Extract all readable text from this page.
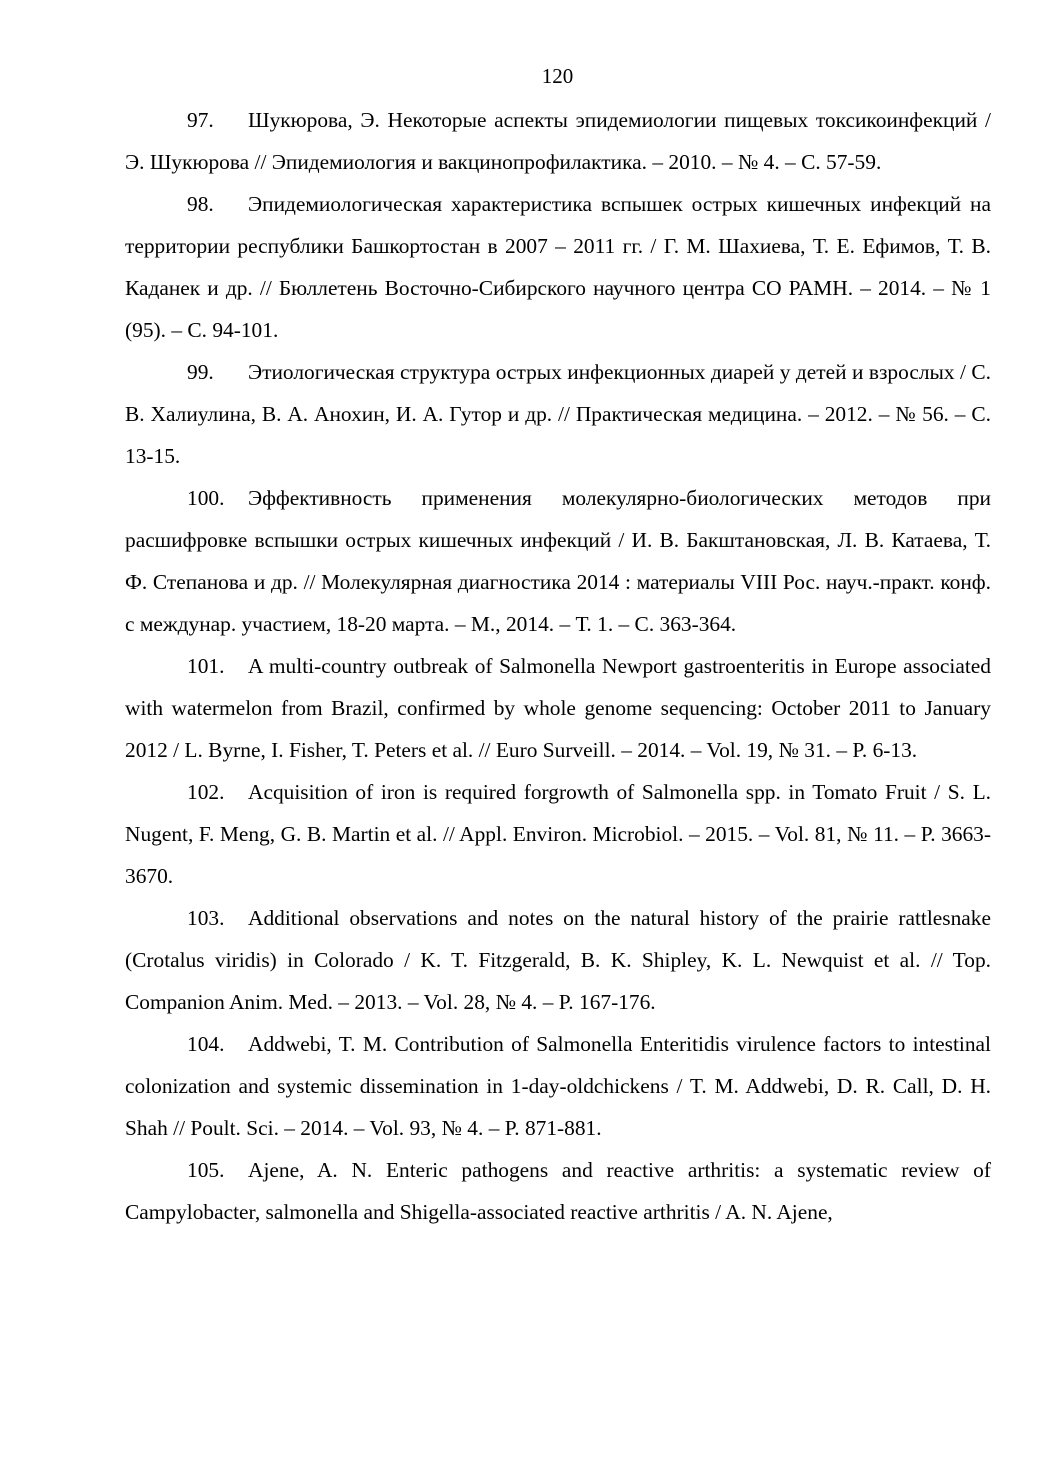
120
97. Шукюрова, Э. Некоторые аспекты эпидемиологии пищевых токсикоинфекций / Э. Шукюрова // Эпидемиология и вакцинопрофилактика. – 2010. – № 4. – С. 57-59.
98. Эпидемиологическая характеристика вспышек острых кишечных инфекций на территории республики Башкортостан в 2007 – 2011 гг. / Г. М. Шахиева, Т. Е. Ефимов, Т. В. Каданек и др. // Бюллетень Восточно-Сибирского научного центра СО РАМН. – 2014. – № 1 (95). – С. 94-101.
99. Этиологическая структура острых инфекционных диарей у детей и взрослых / С. В. Халиулина, В. А. Анохин, И. А. Гутор и др. // Практическая медицина. – 2012. – № 56. – С. 13-15.
100. Эффективность применения молекулярно-биологических методов при расшифровке вспышки острых кишечных инфекций / И. В. Бакштановская, Л. В. Катаева, Т. Ф. Степанова и др. // Молекулярная диагностика 2014 : материалы VIII Рос. науч.-практ. конф. с междунар. участием, 18-20 марта. – М., 2014. – Т. 1. – С. 363-364.
101. A multi-country outbreak of Salmonella Newport gastroenteritis in Europe associated with watermelon from Brazil, confirmed by whole genome sequencing: October 2011 to January 2012 / L. Byrne, I. Fisher, T. Peters et al. // Euro Surveill. – 2014. – Vol. 19, № 31. – P. 6-13.
102. Acquisition of iron is required forgrowth of Salmonella spp. in Tomato Fruit / S. L. Nugent, F. Meng, G. B. Martin et al. // Appl. Environ. Microbiol. – 2015. – Vol. 81, № 11. – P. 3663-3670.
103. Additional observations and notes on the natural history of the prairie rattlesnake (Crotalus viridis) in Colorado / K. T. Fitzgerald, B. K. Shipley, K. L. Newquist et al. // Top. Companion Anim. Med. – 2013. – Vol. 28, № 4. – P. 167-176.
104. Addwebi, T. M. Contribution of Salmonella Enteritidis virulence factors to intestinal colonization and systemic dissemination in 1-day-oldchickens / T. M. Addwebi, D. R. Call, D. H. Shah // Poult. Sci. – 2014. – Vol. 93, № 4. – P. 871-881.
105. Ajene, A. N. Enteric pathogens and reactive arthritis: a systematic review of Campylobacter, salmonella and Shigella-associated reactive arthritis / A. N. Ajene,
